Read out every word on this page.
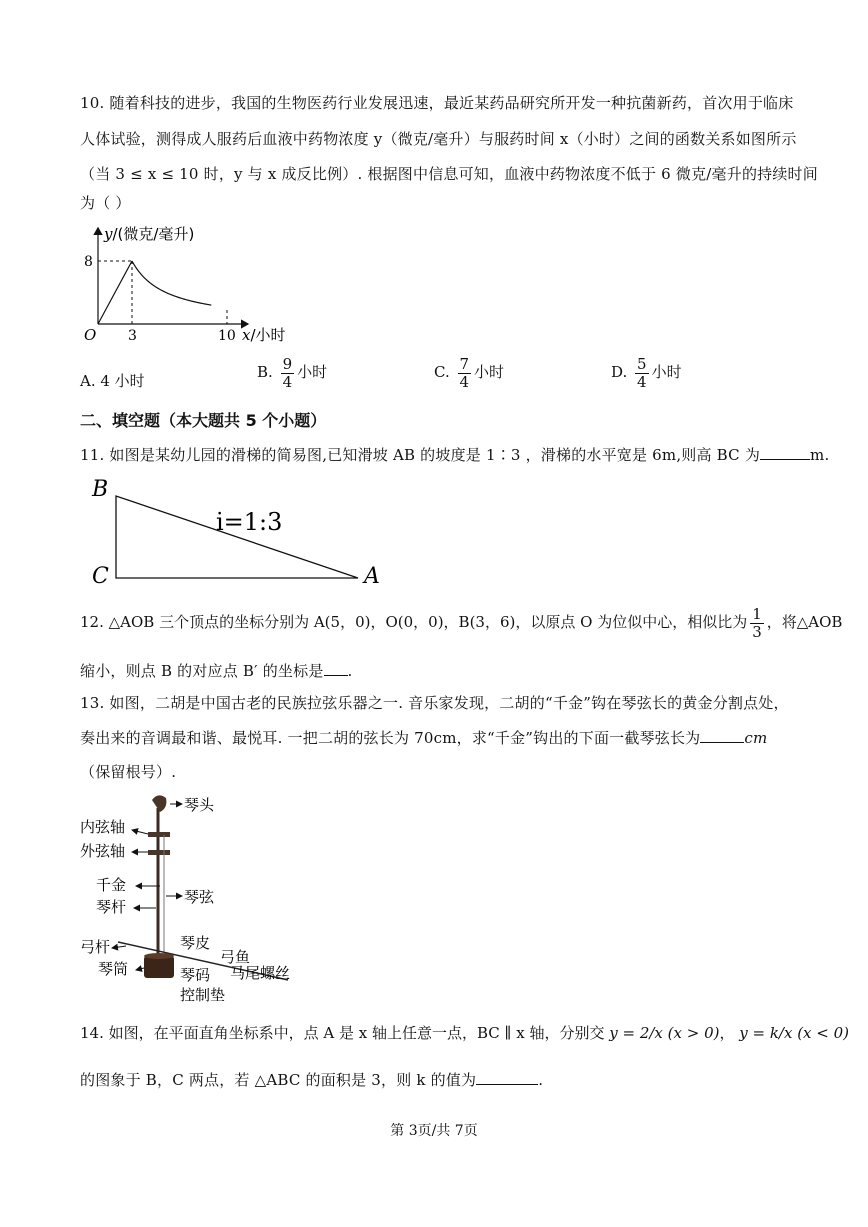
10. 随着科技的进步，我国的生物医药行业发展迅速，最近某药品研究所开发一种抗菌新药，首次用于临床
人体试验，测得成人服药后血液中药物浓度 y（微克/毫升）与服药时间 x（小时）之间的函数关系如图所示
（当 3 ≤ x ≤ 10 时，y 与 x 成反比例）. 根据图中信息可知，血液中药物浓度不低于 6 微克/毫升的持续时间
为（ ）
y/(微克/毫升)
8
O 3	10 x/小时
A. 4 小时	B. $\frac{9}{4}$ 小时	C. $\frac{7}{4}$ 小时	D. $\frac{5}{4}$ 小时
二、填空题（本大题共 5 个小题）
11. 如图是某幼儿园的滑梯的简易图,已知滑坡 AB 的坡度是 1∶3 ，滑梯的水平宽是 6m,则高 BC 为	m.
B
C	A
i=1:3
12. △AOB 三个顶点的坐标分别为 A(5，0)，O(0，0)，B(3，6)，以原点 O 为位似中心，相似比为 $\frac{1}{3}$ ，将△AOB
缩小，则点 B 的对应点 B′ 的坐标是 .
13. 如图，二胡是中国古老的民族拉弦乐器之一. 音乐家发现，二胡的“千金”钩在琴弦长的黄金分割点处，
奏出来的音调最和谐、最悦耳. 一把二胡的弦长为 70cm，求“千金”钩出的下面一截琴弦长为	cm
（保留根号）.
琴头
内弦轴
外弦轴
千金
琴杆
琴弦
弓杆	琴皮
弓鱼
琴筒	琴码 马尾螺丝
控制垫
14. 如图，在平面直角坐标系中，点 A 是 x 轴上任意一点，BC ∥ x 轴，分别交 y = 2/x (x > 0)， y = k/x (x < 0)
的图象于 B，C 两点，若 △ABC 的面积是 3，则 k 的值为	.
第 3页/共 7页
